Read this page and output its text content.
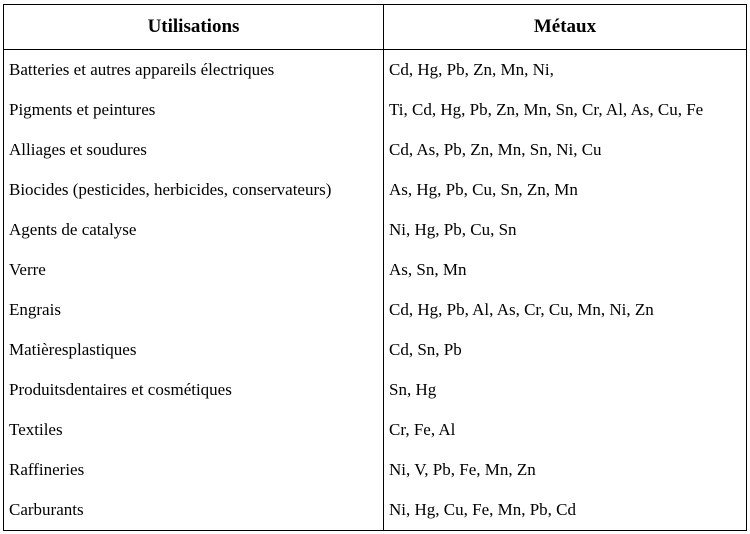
Utilisations	Métaux
Batteries et autres appareils électriques	Cd, Hg, Pb, Zn, Mn, Ni,
Pigments et peintures	Ti, Cd, Hg, Pb, Zn, Mn, Sn, Cr, Al, As, Cu, Fe
Alliages et soudures	Cd, As, Pb, Zn, Mn, Sn, Ni, Cu
Biocides (pesticides, herbicides, conservateurs)	As, Hg, Pb, Cu, Sn, Zn, Mn
Agents de catalyse	Ni, Hg, Pb, Cu, Sn
Verre	As, Sn, Mn
Engrais	Cd, Hg, Pb, Al, As, Cr, Cu, Mn, Ni, Zn
Matièresplastiques	Cd, Sn, Pb
Produitsdentaires et cosmétiques	Sn, Hg
Textiles	Cr, Fe, Al
Raffineries	Ni, V, Pb, Fe, Mn, Zn
Carburants	Ni, Hg, Cu, Fe, Mn, Pb, Cd
